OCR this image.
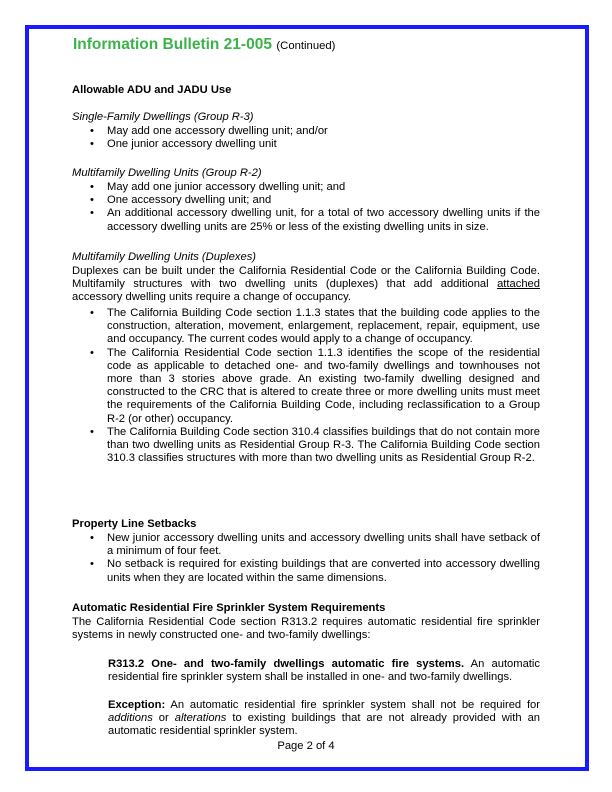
Information Bulletin 21-005 (Continued)
Allowable ADU and JADU Use
Single-Family Dwellings (Group R-3)
• May add one accessory dwelling unit; and/or
• One junior accessory dwelling unit
Multifamily Dwelling Units (Group R-2)
• May add one junior accessory dwelling unit; and
• One accessory dwelling unit; and
• An additional accessory dwelling unit, for a total of two accessory dwelling units if the accessory dwelling units are 25% or less of the existing dwelling units in size.
Multifamily Dwelling Units (Duplexes)
Duplexes can be built under the California Residential Code or the California Building Code. Multifamily structures with two dwelling units (duplexes) that add additional attached accessory dwelling units require a change of occupancy.
• The California Building Code section 1.1.3 states that the building code applies to the construction, alteration, movement, enlargement, replacement, repair, equipment, use and occupancy. The current codes would apply to a change of occupancy.
• The California Residential Code section 1.1.3 identifies the scope of the residential code as applicable to detached one- and two-family dwellings and townhouses not more than 3 stories above grade. An existing two-family dwelling designed and constructed to the CRC that is altered to create three or more dwelling units must meet the requirements of the California Building Code, including reclassification to a Group R-2 (or other) occupancy.
• The California Building Code section 310.4 classifies buildings that do not contain more than two dwelling units as Residential Group R-3. The California Building Code section 310.3 classifies structures with more than two dwelling units as Residential Group R-2.
Property Line Setbacks
• New junior accessory dwelling units and accessory dwelling units shall have setback of a minimum of four feet.
• No setback is required for existing buildings that are converted into accessory dwelling units when they are located within the same dimensions.
Automatic Residential Fire Sprinkler System Requirements
The California Residential Code section R313.2 requires automatic residential fire sprinkler systems in newly constructed one- and two-family dwellings:
R313.2 One- and two-family dwellings automatic fire systems. An automatic residential fire sprinkler system shall be installed in one- and two-family dwellings.
Exception: An automatic residential fire sprinkler system shall not be required for additions or alterations to existing buildings that are not already provided with an automatic residential sprinkler system.
Page 2 of 4
